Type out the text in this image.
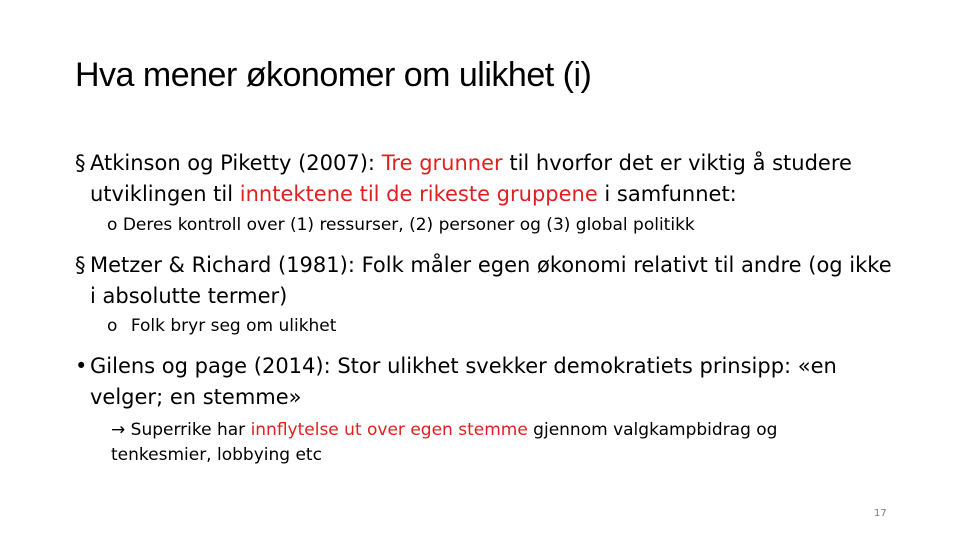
Hva mener økonomer om ulikhet (i)
§ Atkinson og Piketty (2007): Tre grunner til hvorfor det er viktig å studere utviklingen til inntektene til de rikeste gruppene i samfunnet:
o Deres kontroll over (1) ressurser, (2) personer og (3) global politikk
§ Metzer & Richard (1981): Folk måler egen økonomi relativt til andre (og ikke i absolutte termer)
o Folk bryr seg om ulikhet
• Gilens og page (2014): Stor ulikhet svekker demokratiets prinsipp: «en velger; en stemme»
→ Superrike har innflytelse ut over egen stemme gjennom valgkampbidrag og tenkesmier, lobbying etc
17
